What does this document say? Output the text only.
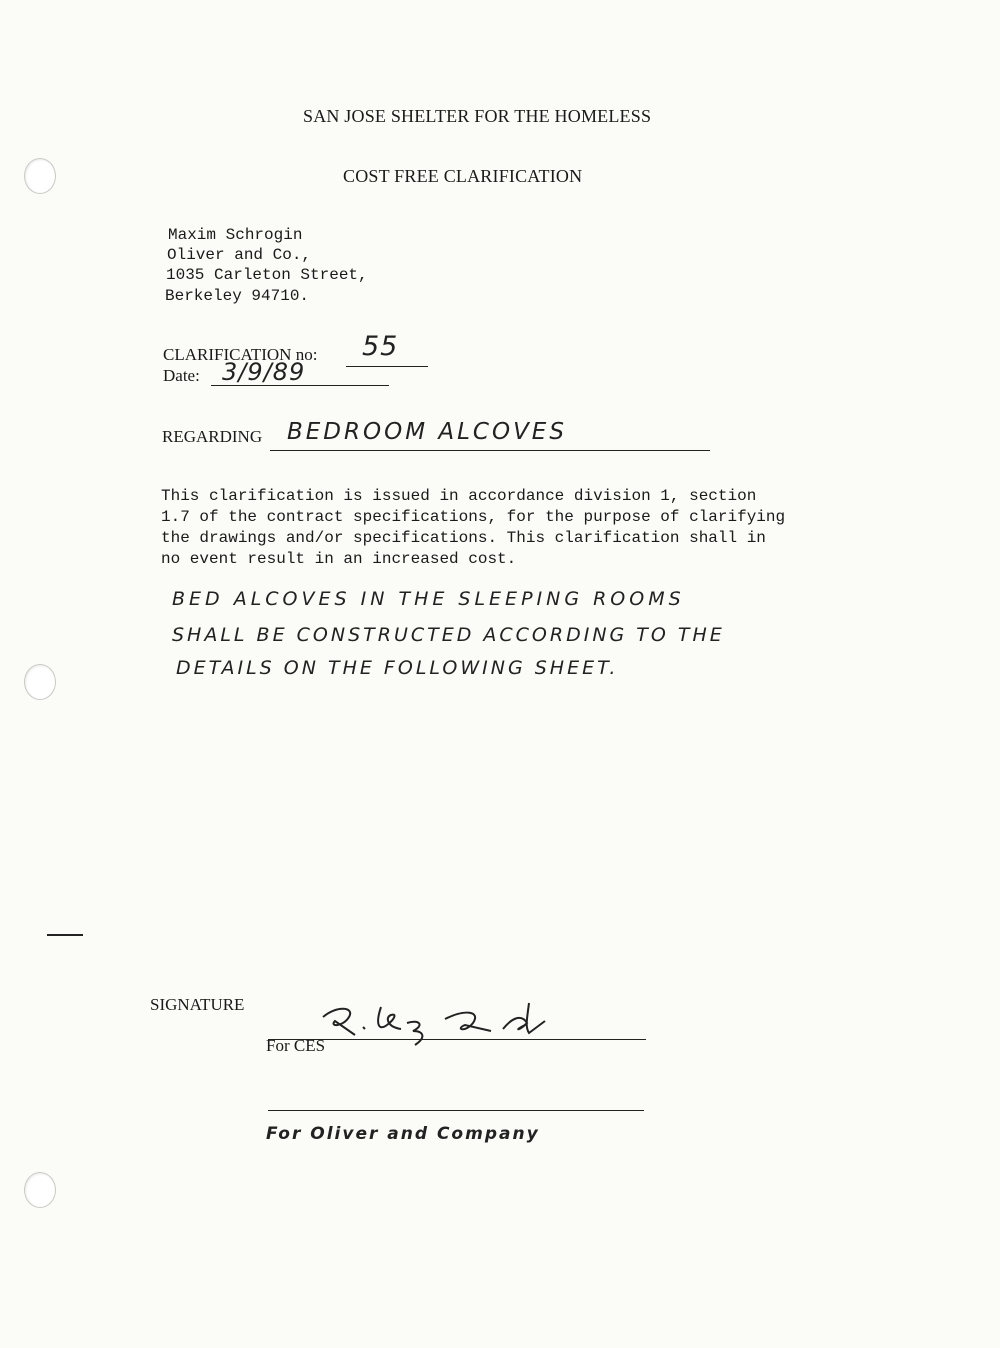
SAN JOSE SHELTER FOR THE HOMELESS
COST FREE CLARIFICATION
Maxim Schrogin
Oliver and Co.,
1035 Carleton Street,
Berkeley 94710.
CLARIFICATION no: 55
Date: 3/9/89
REGARDING BEDROOM ALCOVES
This clarification is issued in accordance division 1, section
1.7 of the contract specifications, for the purpose of clarifying
the drawings and/or specifications. This clarification shall in
no event result in an increased cost.
BED ALCOVES IN THE SLEEPING ROOMS
SHALL BE CONSTRUCTED ACCORDING TO THE
DETAILS ON THE FOLLOWING SHEET.
SIGNATURE
For CES
For Oliver and Company
